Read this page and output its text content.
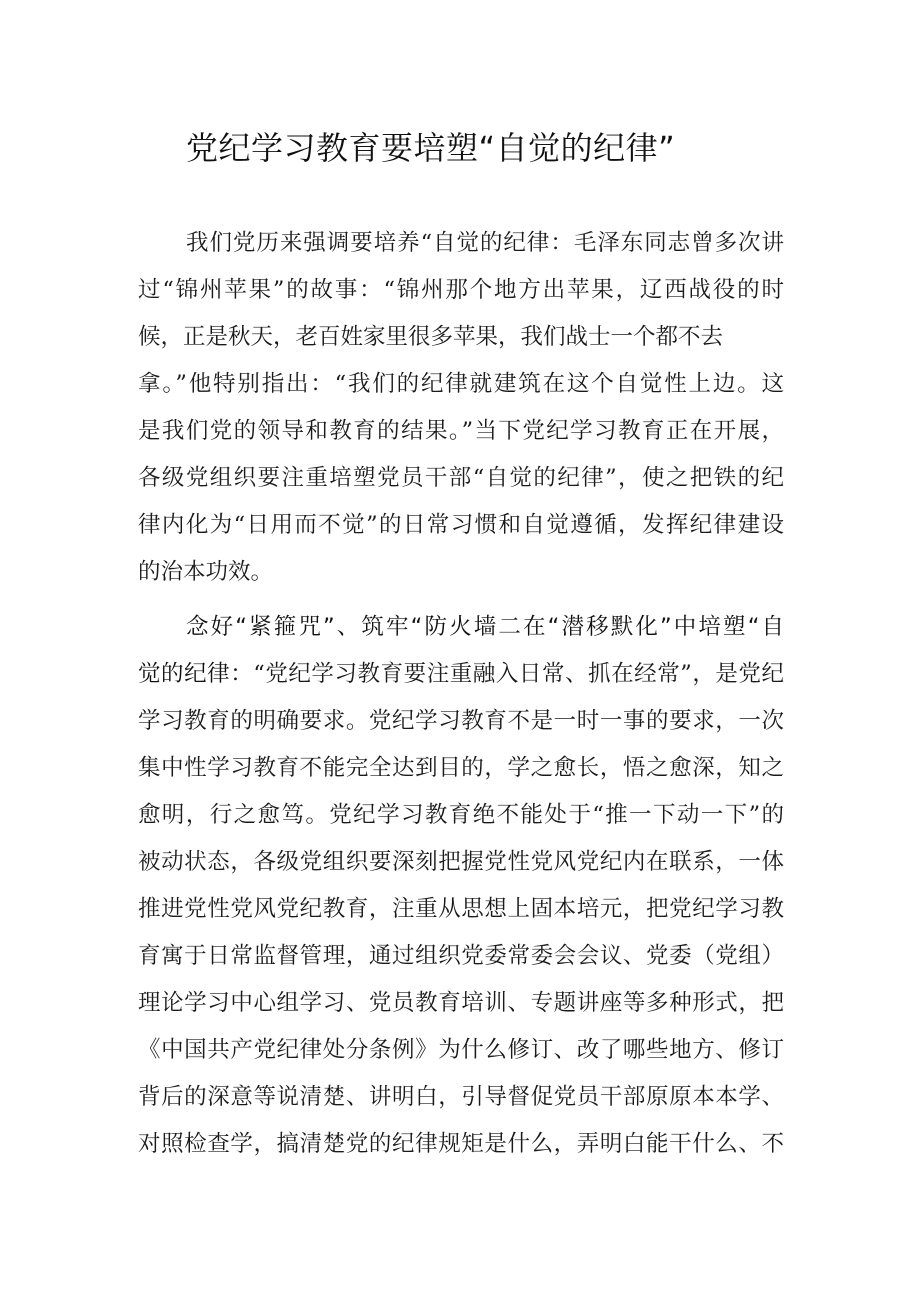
党纪学习教育要培塑“自觉的纪律”

我们党历来强调要培养“自觉的纪律：毛泽东同志曾多次讲

过“锦州苹果”的故事：“锦州那个地方出苹果，辽西战役的时

候，正是秋天，老百姓家里很多苹果，我们战士一个都不去

拿。”他特别指出：“我们的纪律就建筑在这个自觉性上边。这

是我们党的领导和教育的结果。”当下党纪学习教育正在开展，

各级党组织要注重培塑党员干部“自觉的纪律”，使之把铁的纪

律内化为“日用而不觉”的日常习惯和自觉遵循，发挥纪律建设

的治本功效。

念好“紧箍咒”、筑牢“防火墙二在“潜移默化”中培塑“自

觉的纪律：“党纪学习教育要注重融入日常、抓在经常”，是党纪

学习教育的明确要求。党纪学习教育不是一时一事的要求，一次

集中性学习教育不能完全达到目的，学之愈长，悟之愈深，知之

愈明，行之愈笃。党纪学习教育绝不能处于“推一下动一下”的

被动状态，各级党组织要深刻把握党性党风党纪内在联系，一体

推进党性党风党纪教育，注重从思想上固本培元，把党纪学习教

育寓于日常监督管理，通过组织党委常委会会议、党委（党组）

理论学习中心组学习、党员教育培训、专题讲座等多种形式，把

《中国共产党纪律处分条例》为什么修订、改了哪些地方、修订

背后的深意等说清楚、讲明白，引导督促党员干部原原本本学、

对照检查学，搞清楚党的纪律规矩是什么，弄明白能干什么、不
